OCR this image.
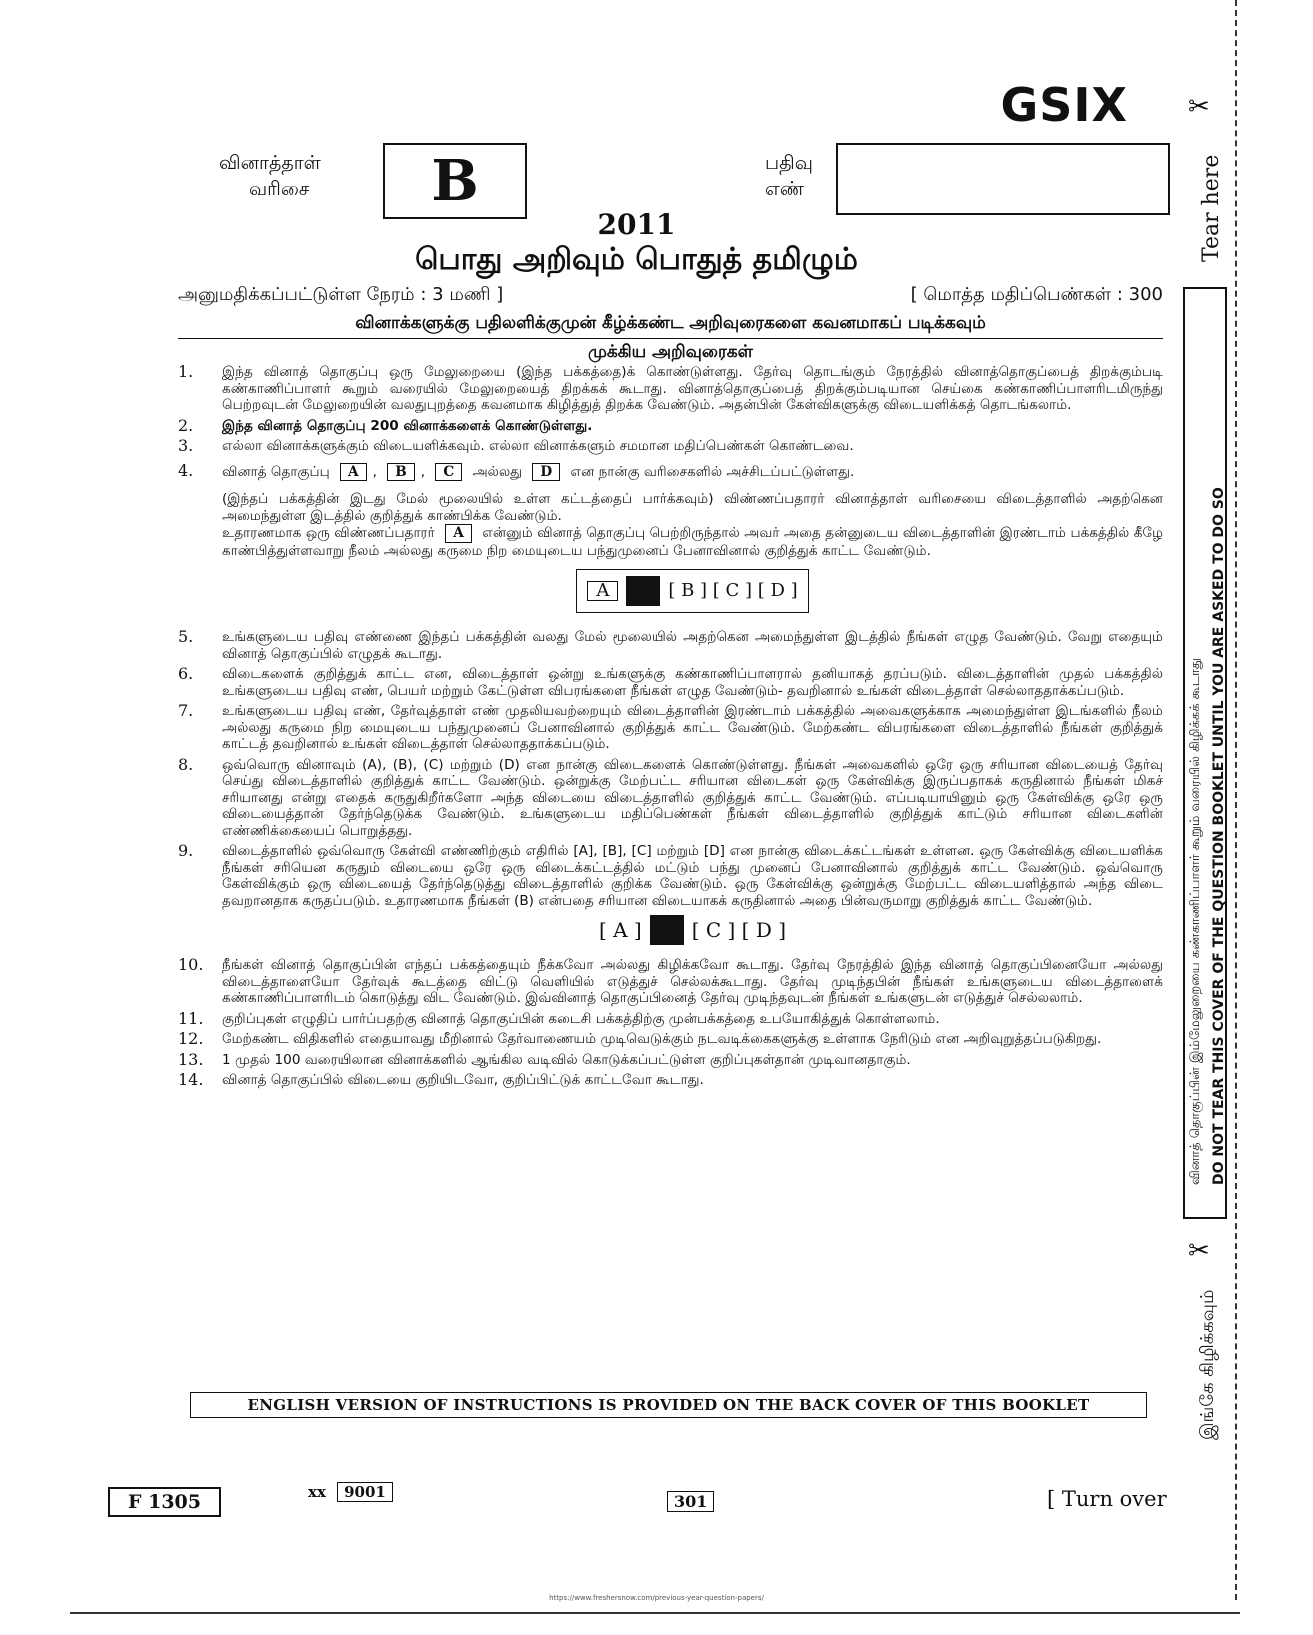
GSIX
வினாத்தாள்
வரிசை	B	பதிவு
எண்
2011
பொது அறிவும் பொதுத் தமிழும்
அனுமதிக்கப்பட்டுள்ள நேரம் : 3 மணி ]	[ மொத்த மதிப்பெண்கள் : 300
வினாக்களுக்கு பதிலளிக்குமுன் கீழ்க்கண்ட அறிவுரைகளை கவனமாகப் படிக்கவும்
முக்கிய அறிவுரைகள்
1.	இந்த வினாத் தொகுப்பு ஒரு மேலுறையை (இந்த பக்கத்தை)க் கொண்டுள்ளது. தேர்வு தொடங்கும் நேரத்தில் வினாத்தொகுப்பைத் திறக்கும்படி கண்காணிப்பாளர் கூறும் வரையில் மேலுறையைத் திறக்கக் கூடாது. வினாத்தொகுப்பைத் திறக்கும்படியான செய்கை கண்காணிப்பாளரிடமிருந்து பெற்றவுடன் மேலுறையின் வலதுபுறத்தை கவனமாக கிழித்துத் திறக்க வேண்டும். அதன்பின் கேள்விகளுக்கு விடையளிக்கத் தொடங்கலாம்.
2.	இந்த வினாத் தொகுப்பு 200 வினாக்களைக் கொண்டுள்ளது.
3.	எல்லா வினாக்களுக்கும் விடையளிக்கவும். எல்லா வினாக்களும் சமமான மதிப்பெண்கள் கொண்டவை.
4.	வினாத் தொகுப்பு A , B , C அல்லது D என நான்கு வரிசைகளில் அச்சிடப்பட்டுள்ளது.

(இந்தப் பக்கத்தின் இடது மேல் மூலையில் உள்ள கட்டத்தைப் பார்க்கவும்) விண்ணப்பதாரர் வினாத்தாள் வரிசையை விடைத்தாளில் அதற்கென அமைந்துள்ள இடத்தில் குறித்துக் காண்பிக்க வேண்டும்.

உதாரணமாக ஒரு விண்ணப்பதாரர் A என்னும் வினாத் தொகுப்பு பெற்றிருந்தால் அவர் அதை தன்னுடைய விடைத்தாளின் இரண்டாம் பக்கத்தில் கீழே காண்பித்துள்ளவாறு நீலம் அல்லது கருமை நிற மையுடைய பந்துமுனைப் பேனாவினால் குறித்துக் காட்ட வேண்டும்.

A	[ B ] [ C ] [ D ]
5.	உங்களுடைய பதிவு எண்ணை இந்தப் பக்கத்தின் வலது மேல் மூலையில் அதற்கென அமைந்துள்ள இடத்தில் நீங்கள் எழுத வேண்டும். வேறு எதையும் வினாத் தொகுப்பில் எழுதக் கூடாது.
6.	விடைகளைக் குறித்துக் காட்ட என, விடைத்தாள் ஒன்று உங்களுக்கு கண்காணிப்பாளரால் தனியாகத் தரப்படும். விடைத்தாளின் முதல் பக்கத்தில் உங்களுடைய பதிவு எண், பெயர் மற்றும் கேட்டுள்ள விபரங்களை நீங்கள் எழுத வேண்டும்- தவறினால் உங்கள் விடைத்தாள் செல்லாததாக்கப்படும்.
7.	உங்களுடைய பதிவு எண், தேர்வுத்தாள் எண் முதலியவற்றையும் விடைத்தாளின் இரண்டாம் பக்கத்தில் அவைகளுக்காக அமைந்துள்ள இடங்களில் நீலம் அல்லது கருமை நிற மையுடைய பந்துமுனைப் பேனாவினால் குறித்துக் காட்ட வேண்டும். மேற்கண்ட விபரங்களை விடைத்தாளில் நீங்கள் குறித்துக் காட்டத் தவறினால் உங்கள் விடைத்தாள் செல்லாததாக்கப்படும்.
8.	ஒவ்வொரு வினாவும் (A), (B), (C) மற்றும் (D) என நான்கு விடைகளைக் கொண்டுள்ளது. நீங்கள் அவைகளில் ஒரே ஒரு சரியான விடையைத் தேர்வு செய்து விடைத்தாளில் குறித்துக் காட்ட வேண்டும். ஒன்றுக்கு மேற்பட்ட சரியான விடைகள் ஒரு கேள்விக்கு இருப்பதாகக் கருதினால் நீங்கள் மிகச் சரியானது என்று எதைக் கருதுகிறீர்களோ அந்த விடையை விடைத்தாளில் குறித்துக் காட்ட வேண்டும். எப்படியாயினும் ஒரு கேள்விக்கு ஒரே ஒரு விடையைத்தான் தேர்ந்தெடுக்க வேண்டும். உங்களுடைய மதிப்பெண்கள் நீங்கள் விடைத்தாளில் குறித்துக் காட்டும் சரியான விடைகளின் எண்ணிக்கையைப் பொறுத்தது.
9.	விடைத்தாளில் ஒவ்வொரு கேள்வி எண்ணிற்கும் எதிரில் [A], [B], [C] மற்றும் [D] என நான்கு விடைக்கட்டங்கள் உள்ளன. ஒரு கேள்விக்கு விடையளிக்க நீங்கள் சரியென கருதும் விடையை ஒரே ஒரு விடைக்கட்டத்தில் மட்டும் பந்து முனைப் பேனாவினால் குறித்துக் காட்ட வேண்டும். ஒவ்வொரு கேள்விக்கும் ஒரு விடையைத் தேர்ந்தெடுத்து விடைத்தாளில் குறிக்க வேண்டும். ஒரு கேள்விக்கு ஒன்றுக்கு மேற்பட்ட விடையளித்தால் அந்த விடை தவறானதாக கருதப்படும். உதாரணமாக நீங்கள் (B) என்பதை சரியான விடையாகக் கருதினால் அதை பின்வருமாறு குறித்துக் காட்ட வேண்டும்.

[ A ]	[ C ] [ D ]
10.	நீங்கள் வினாத் தொகுப்பின் எந்தப் பக்கத்தையும் நீக்கவோ அல்லது கிழிக்கவோ கூடாது. தேர்வு நேரத்தில் இந்த வினாத் தொகுப்பினையோ அல்லது விடைத்தாளையோ தேர்வுக் கூடத்தை விட்டு வெளியில் எடுத்துச் செல்லக்கூடாது. தேர்வு முடிந்தபின் நீங்கள் உங்களுடைய விடைத்தாளைக் கண்காணிப்பாளரிடம் கொடுத்து விட வேண்டும். இவ்வினாத் தொகுப்பினைத் தேர்வு முடிந்தவுடன் நீங்கள் உங்களுடன் எடுத்துச் செல்லலாம்.
11.	குறிப்புகள் எழுதிப் பார்ப்பதற்கு வினாத் தொகுப்பின் கடைசி பக்கத்திற்கு முன்பக்கத்தை உபயோகித்துக் கொள்ளலாம்.
12.	மேற்கண்ட விதிகளில் எதையாவது மீறினால் தேர்வாணையம் முடிவெடுக்கும் நடவடிக்கைகளுக்கு உள்ளாக நேரிடும் என அறிவுறுத்தப்படுகிறது.
13.	1 முதல் 100 வரையிலான வினாக்களில் ஆங்கில வடிவில் கொடுக்கப்பட்டுள்ள குறிப்புகள்தான் முடிவானதாகும்.
14.	வினாத் தொகுப்பில் விடையை குறியிடவோ, குறிப்பிட்டுக் காட்டவோ கூடாது.
ENGLISH VERSION OF INSTRUCTIONS IS PROVIDED ON THE BACK COVER OF THIS BOOKLET
F 1305	xx 9001	301	[ Turn over
https://www.freshersnow.com/previous-year-question-papers/
✂
Tear here
DO NOT TEAR THIS COVER OF THE QUESTION BOOKLET UNTIL YOU ARE ASKED TO DO SO
வினாத் தொகுப்பின் இம்மேலுறையை கண்காணிப்பாளர் கூறும் வரையில் கிழிக்கக் கூடாது
✂
இங்கே கிழிக்கவும்
